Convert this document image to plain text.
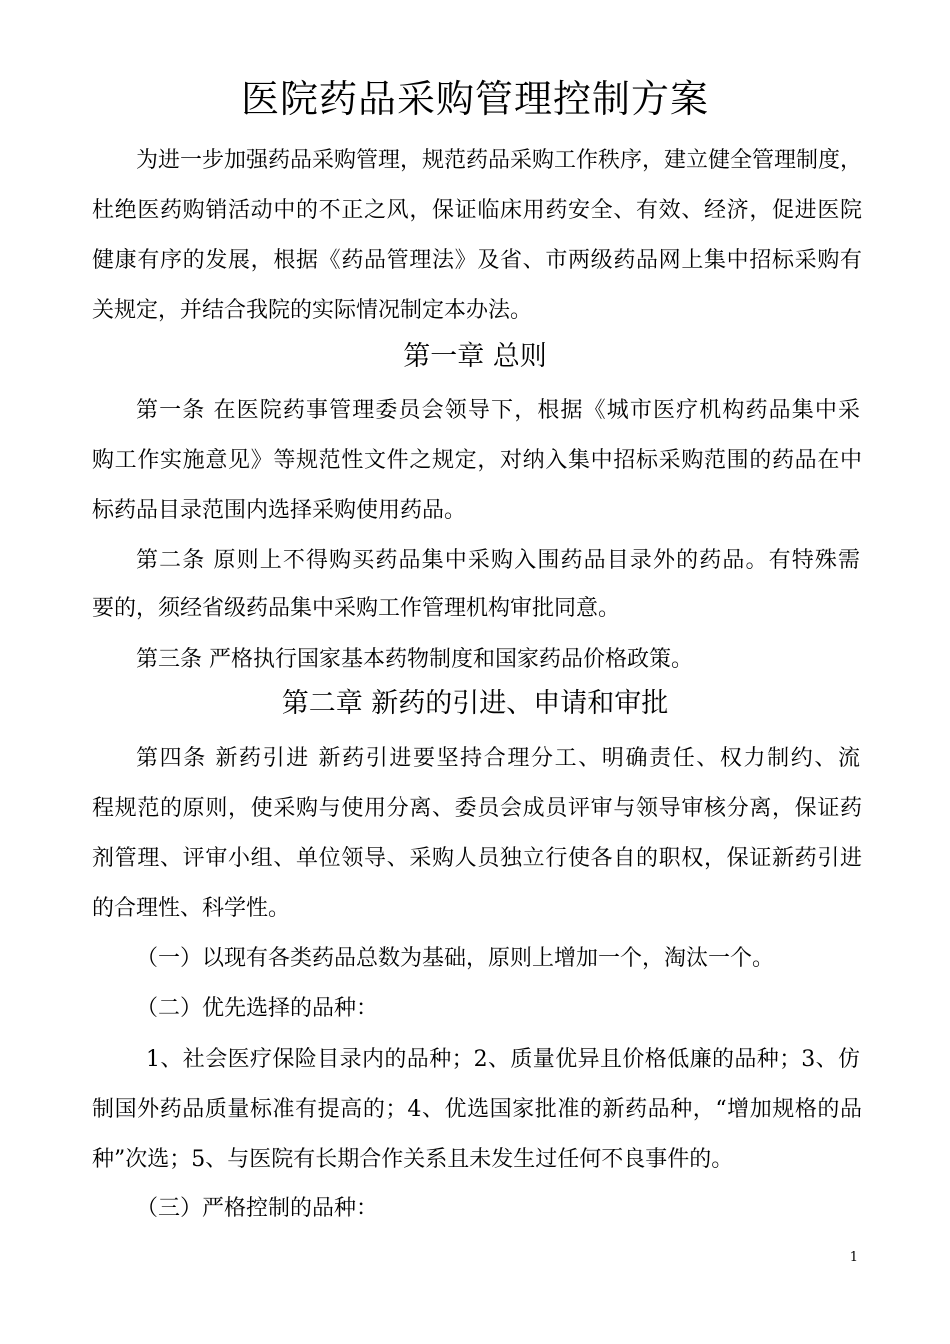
医院药品采购管理控制方案
为进一步加强药品采购管理，规范药品采购工作秩序，建立健全管理制度，
杜绝医药购销活动中的不正之风，保证临床用药安全、有效、经济，促进医院
健康有序的发展，根据《药品管理法》及省、市两级药品网上集中招标采购有
关规定，并结合我院的实际情况制定本办法。
第一章 总则
第一条 在医院药事管理委员会领导下，根据《城市医疗机构药品集中采
购工作实施意见》等规范性文件之规定，对纳入集中招标采购范围的药品在中
标药品目录范围内选择采购使用药品。
第二条 原则上不得购买药品集中采购入围药品目录外的药品。有特殊需
要的，须经省级药品集中采购工作管理机构审批同意。
第三条 严格执行国家基本药物制度和国家药品价格政策。
第二章 新药的引进、申请和审批
第四条 新药引进 新药引进要坚持合理分工、明确责任、权力制约、流
程规范的原则，使采购与使用分离、委员会成员评审与领导审核分离，保证药
剂管理、评审小组、单位领导、采购人员独立行使各自的职权，保证新药引进
的合理性、科学性。
（一）以现有各类药品总数为基础，原则上增加一个，淘汰一个。
（二）优先选择的品种：
1、社会医疗保险目录内的品种；2、质量优异且价格低廉的品种；3、仿
制国外药品质量标准有提高的；4、优选国家批准的新药品种，“增加规格的品
种”次选；5、与医院有长期合作关系且未发生过任何不良事件的。
（三）严格控制的品种：
1
